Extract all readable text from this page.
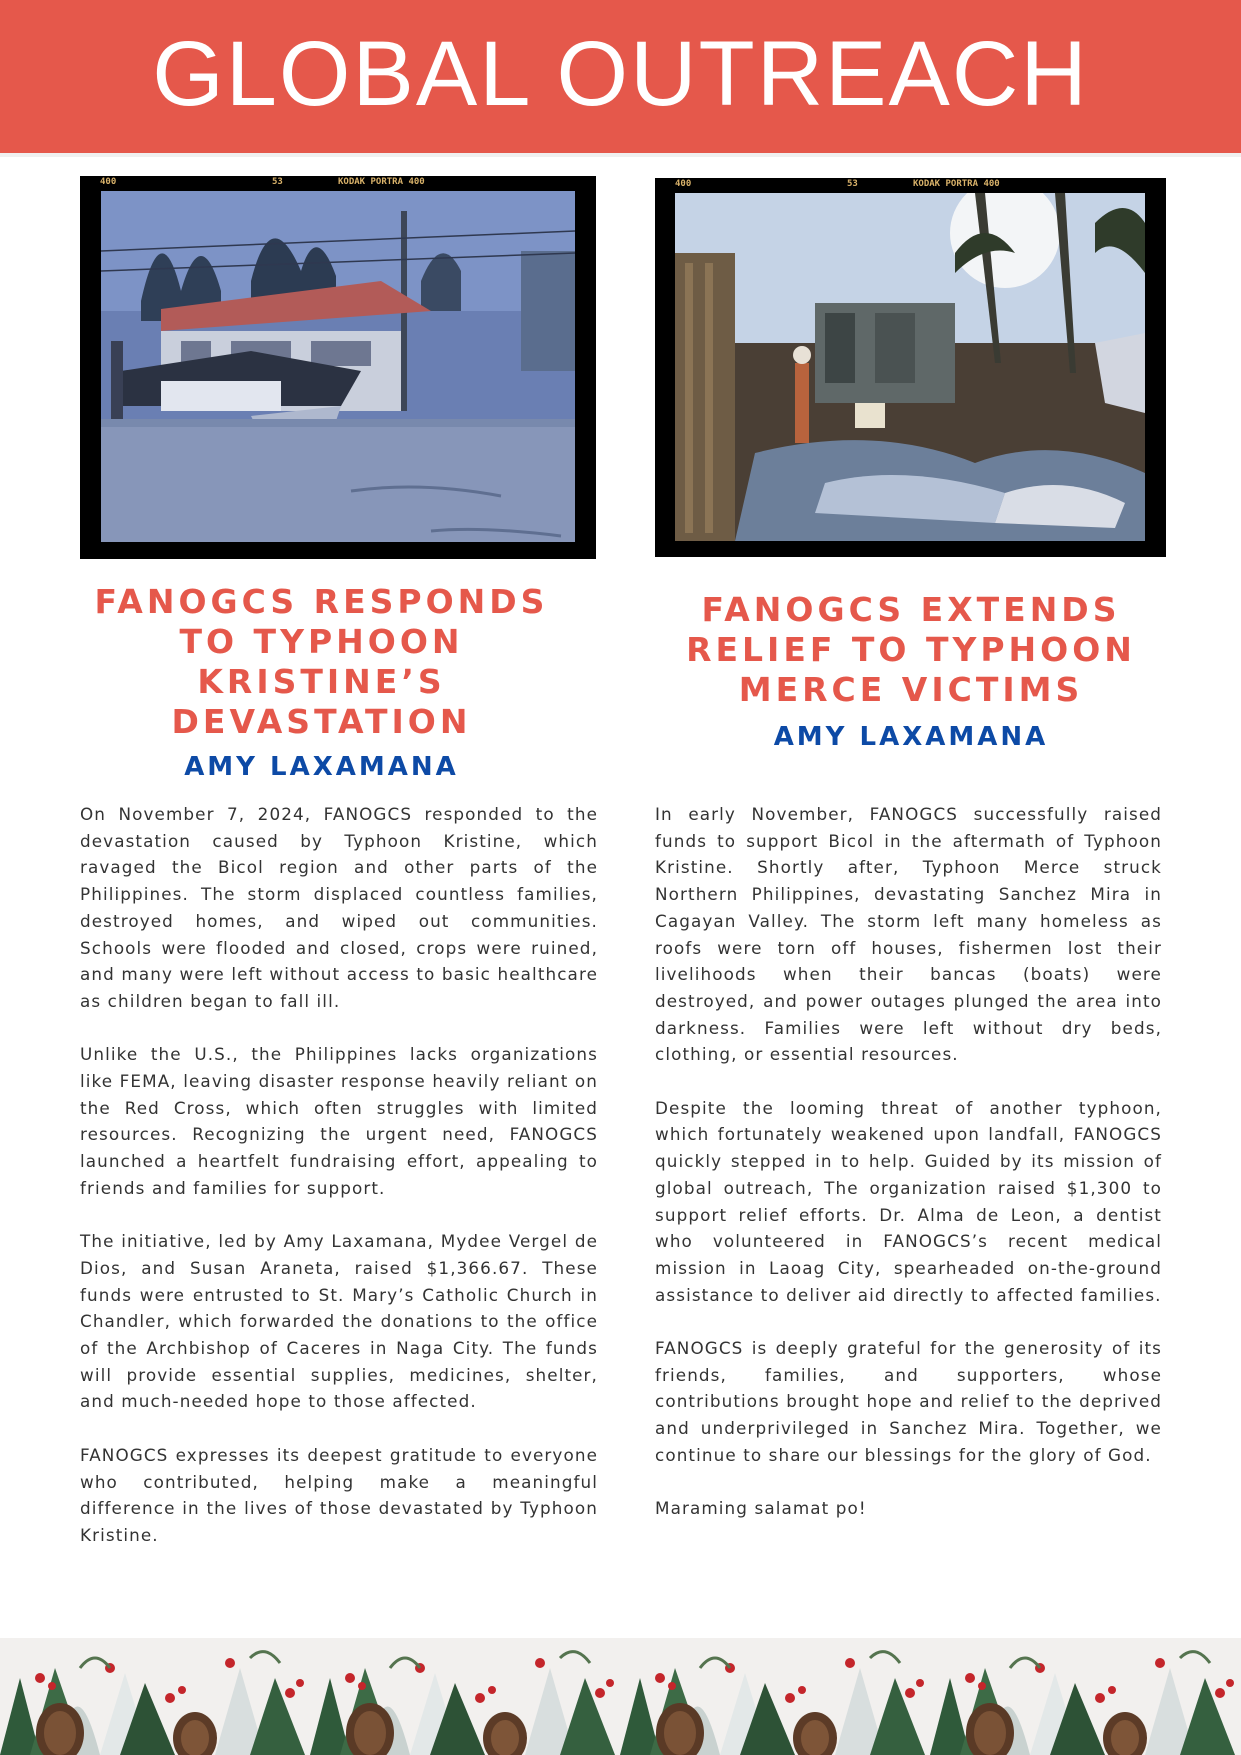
GLOBAL OUTREACH
400	53	KODAK PORTRA 400	400	53	KODAK PORTRA 400
FANOGCS RESPONDS TO TYPHOON KRISTINE’S DEVASTATION
AMY LAXAMANA
FANOGCS EXTENDS RELIEF TO TYPHOON MERCE VICTIMS
AMY LAXAMANA

On November 7, 2024, FANOGCS responded to the devastation caused by Typhoon Kristine, which ravaged the Bicol region and other parts of the Philippines. The storm displaced countless families, destroyed homes, and wiped out communities. Schools were flooded and closed, crops were ruined, and many were left without access to basic healthcare as children began to fall ill.

Unlike the U.S., the Philippines lacks organizations like FEMA, leaving disaster response heavily reliant on the Red Cross, which often struggles with limited resources. Recognizing the urgent need, FANOGCS launched a heartfelt fundraising effort, appealing to friends and families for support.

The initiative, led by Amy Laxamana, Mydee Vergel de Dios, and Susan Araneta, raised $1,366.67. These funds were entrusted to St. Mary’s Catholic Church in Chandler, which forwarded the donations to the office of the Archbishop of Caceres in Naga City. The funds will provide essential supplies, medicines, shelter, and much-needed hope to those affected.

FANOGCS expresses its deepest gratitude to everyone who contributed, helping make a meaningful difference in the lives of those devastated by Typhoon Kristine.

In early November, FANOGCS successfully raised funds to support Bicol in the aftermath of Typhoon Kristine. Shortly after, Typhoon Merce struck Northern Philippines, devastating Sanchez Mira in Cagayan Valley. The storm left many homeless as roofs were torn off houses, fishermen lost their livelihoods when their bancas (boats) were destroyed, and power outages plunged the area into darkness. Families were left without dry beds, clothing, or essential resources.

Despite the looming threat of another typhoon, which fortunately weakened upon landfall, FANOGCS quickly stepped in to help. Guided by its mission of global outreach, The organization raised $1,300 to support relief efforts. Dr. Alma de Leon, a dentist who volunteered in FANOGCS’s recent medical mission in Laoag City, spearheaded on-the-ground assistance to deliver aid directly to affected families.

FANOGCS is deeply grateful for the generosity of its friends, families, and supporters, whose contributions brought hope and relief to the deprived and underprivileged in Sanchez Mira. Together, we continue to share our blessings for the glory of God.

Maraming salamat po!
